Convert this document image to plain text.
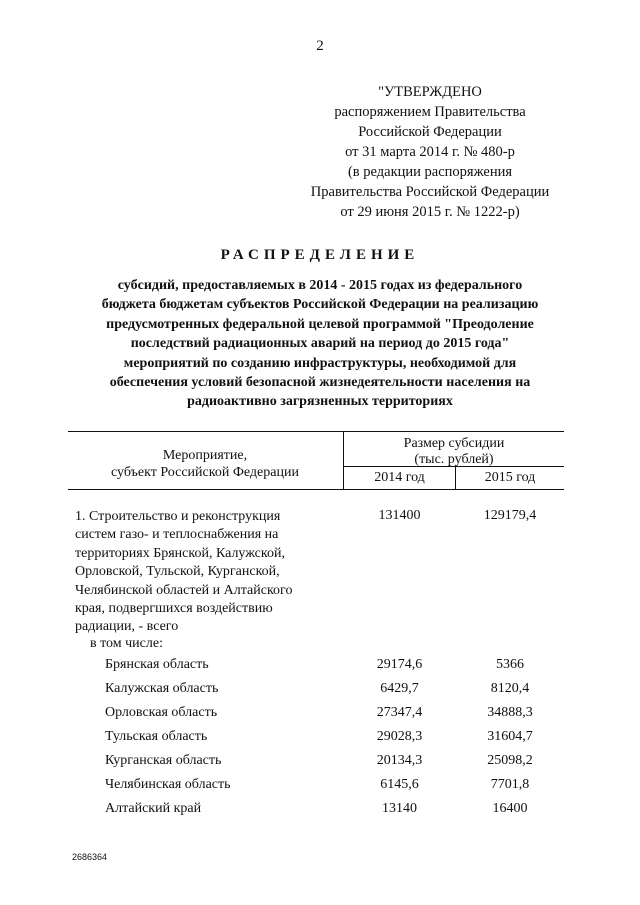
2
"УТВЕРЖДЕНО
распоряжением Правительства
Российской Федерации
от 31 марта 2014 г. № 480-р
(в редакции распоряжения
Правительства Российской Федерации
от 29 июня 2015 г. № 1222-р)
РАСПРЕДЕЛЕНИЕ
субсидий, предоставляемых в 2014 - 2015 годах из федерального
бюджета бюджетам субъектов Российской Федерации на реализацию
предусмотренных федеральной целевой программой "Преодоление
последствий радиационных аварий на период до 2015 года"
мероприятий по созданию инфраструктуры, необходимой для
обеспечения условий безопасной жизнедеятельности населения на
радиоактивно загрязненных территориях
Мероприятие,
субъект Российской Федерации
Размер субсидии
(тыс. рублей)
2014 год	2015 год
1. Строительство и реконструкция
систем газо- и теплоснабжения на
территориях Брянской, Калужской,
Орловской, Тульской, Курганской,
Челябинской областей и Алтайского
края, подвергшихся воздействию
радиации, - всего
131400	129179,4
в том числе:
Брянская область	29174,6	5366
Калужская область	6429,7	8120,4
Орловская область	27347,4	34888,3
Тульская область	29028,3	31604,7
Курганская область	20134,3	25098,2
Челябинская область	6145,6	7701,8
Алтайский край	13140	16400
2686364
